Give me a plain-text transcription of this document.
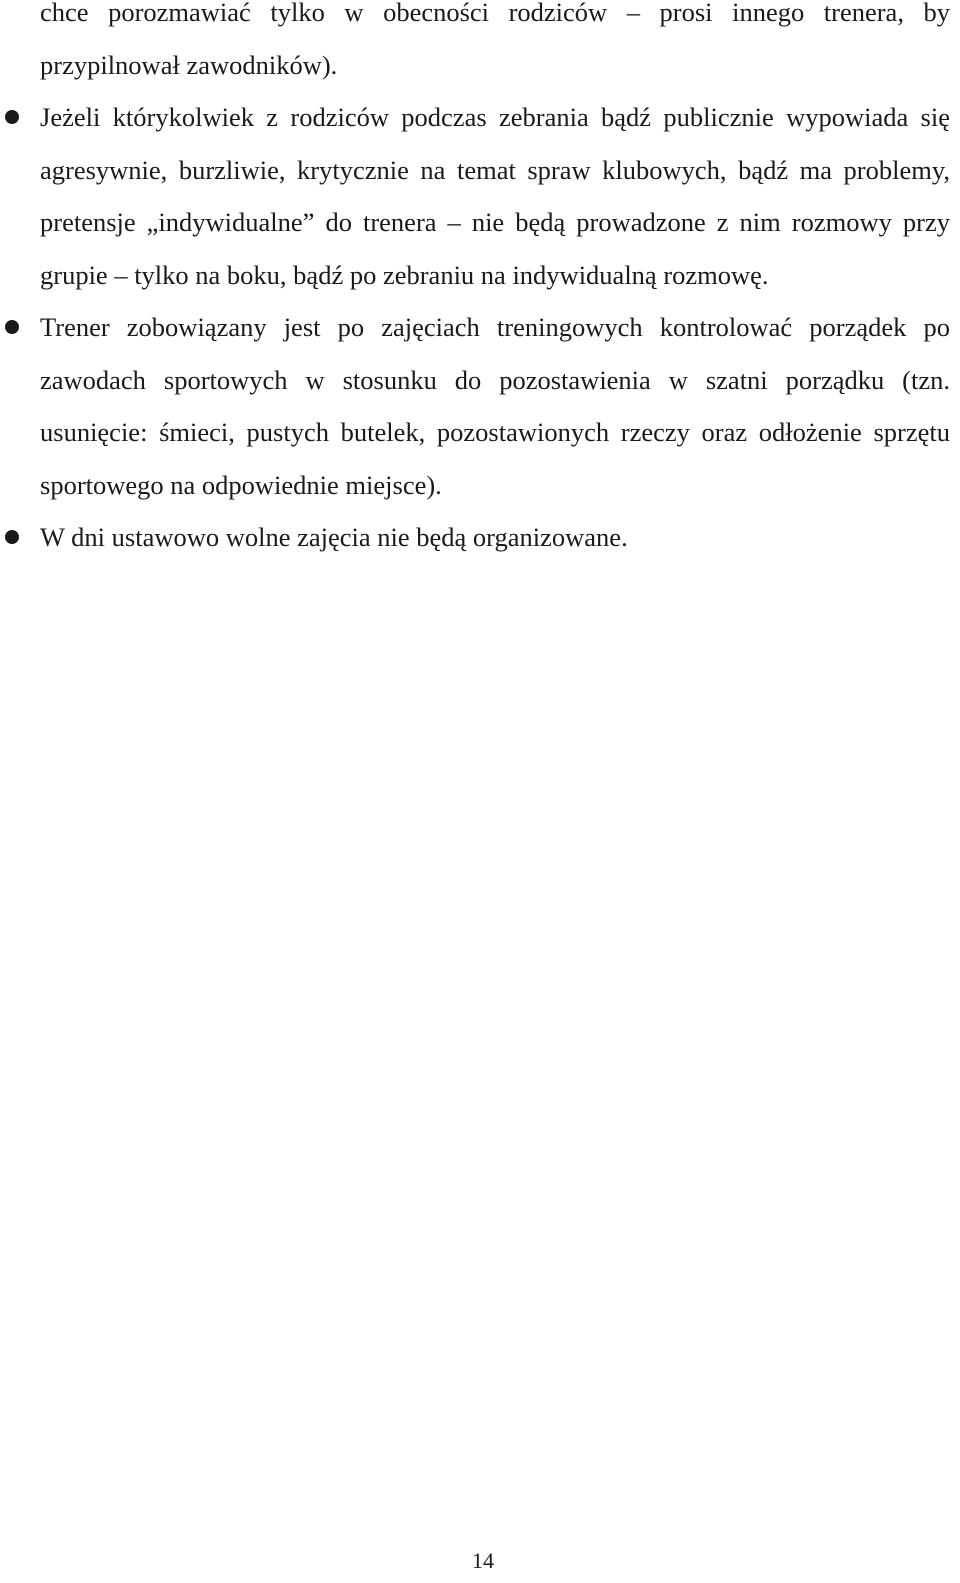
chce porozmawiać tylko w obecności rodziców – prosi innego trenera, by przypilnował zawodników).

Jeżeli którykolwiek z rodziców podczas zebrania bądź publicznie wypowiada się agresywnie, burzliwie, krytycznie na temat spraw klubowych, bądź ma problemy, pretensje „indywidualne” do trenera – nie będą prowadzone z nim rozmowy przy grupie – tylko na boku, bądź po zebraniu na indywidualną rozmowę.
Trener zobowiązany jest po zajęciach treningowych kontrolować porządek po zawodach sportowych w stosunku do pozostawienia w szatni porządku (tzn. usunięcie: śmieci, pustych butelek, pozostawionych rzeczy oraz odłożenie sprzętu sportowego na odpowiednie miejsce).
W dni ustawowo wolne zajęcia nie będą organizowane.
14
